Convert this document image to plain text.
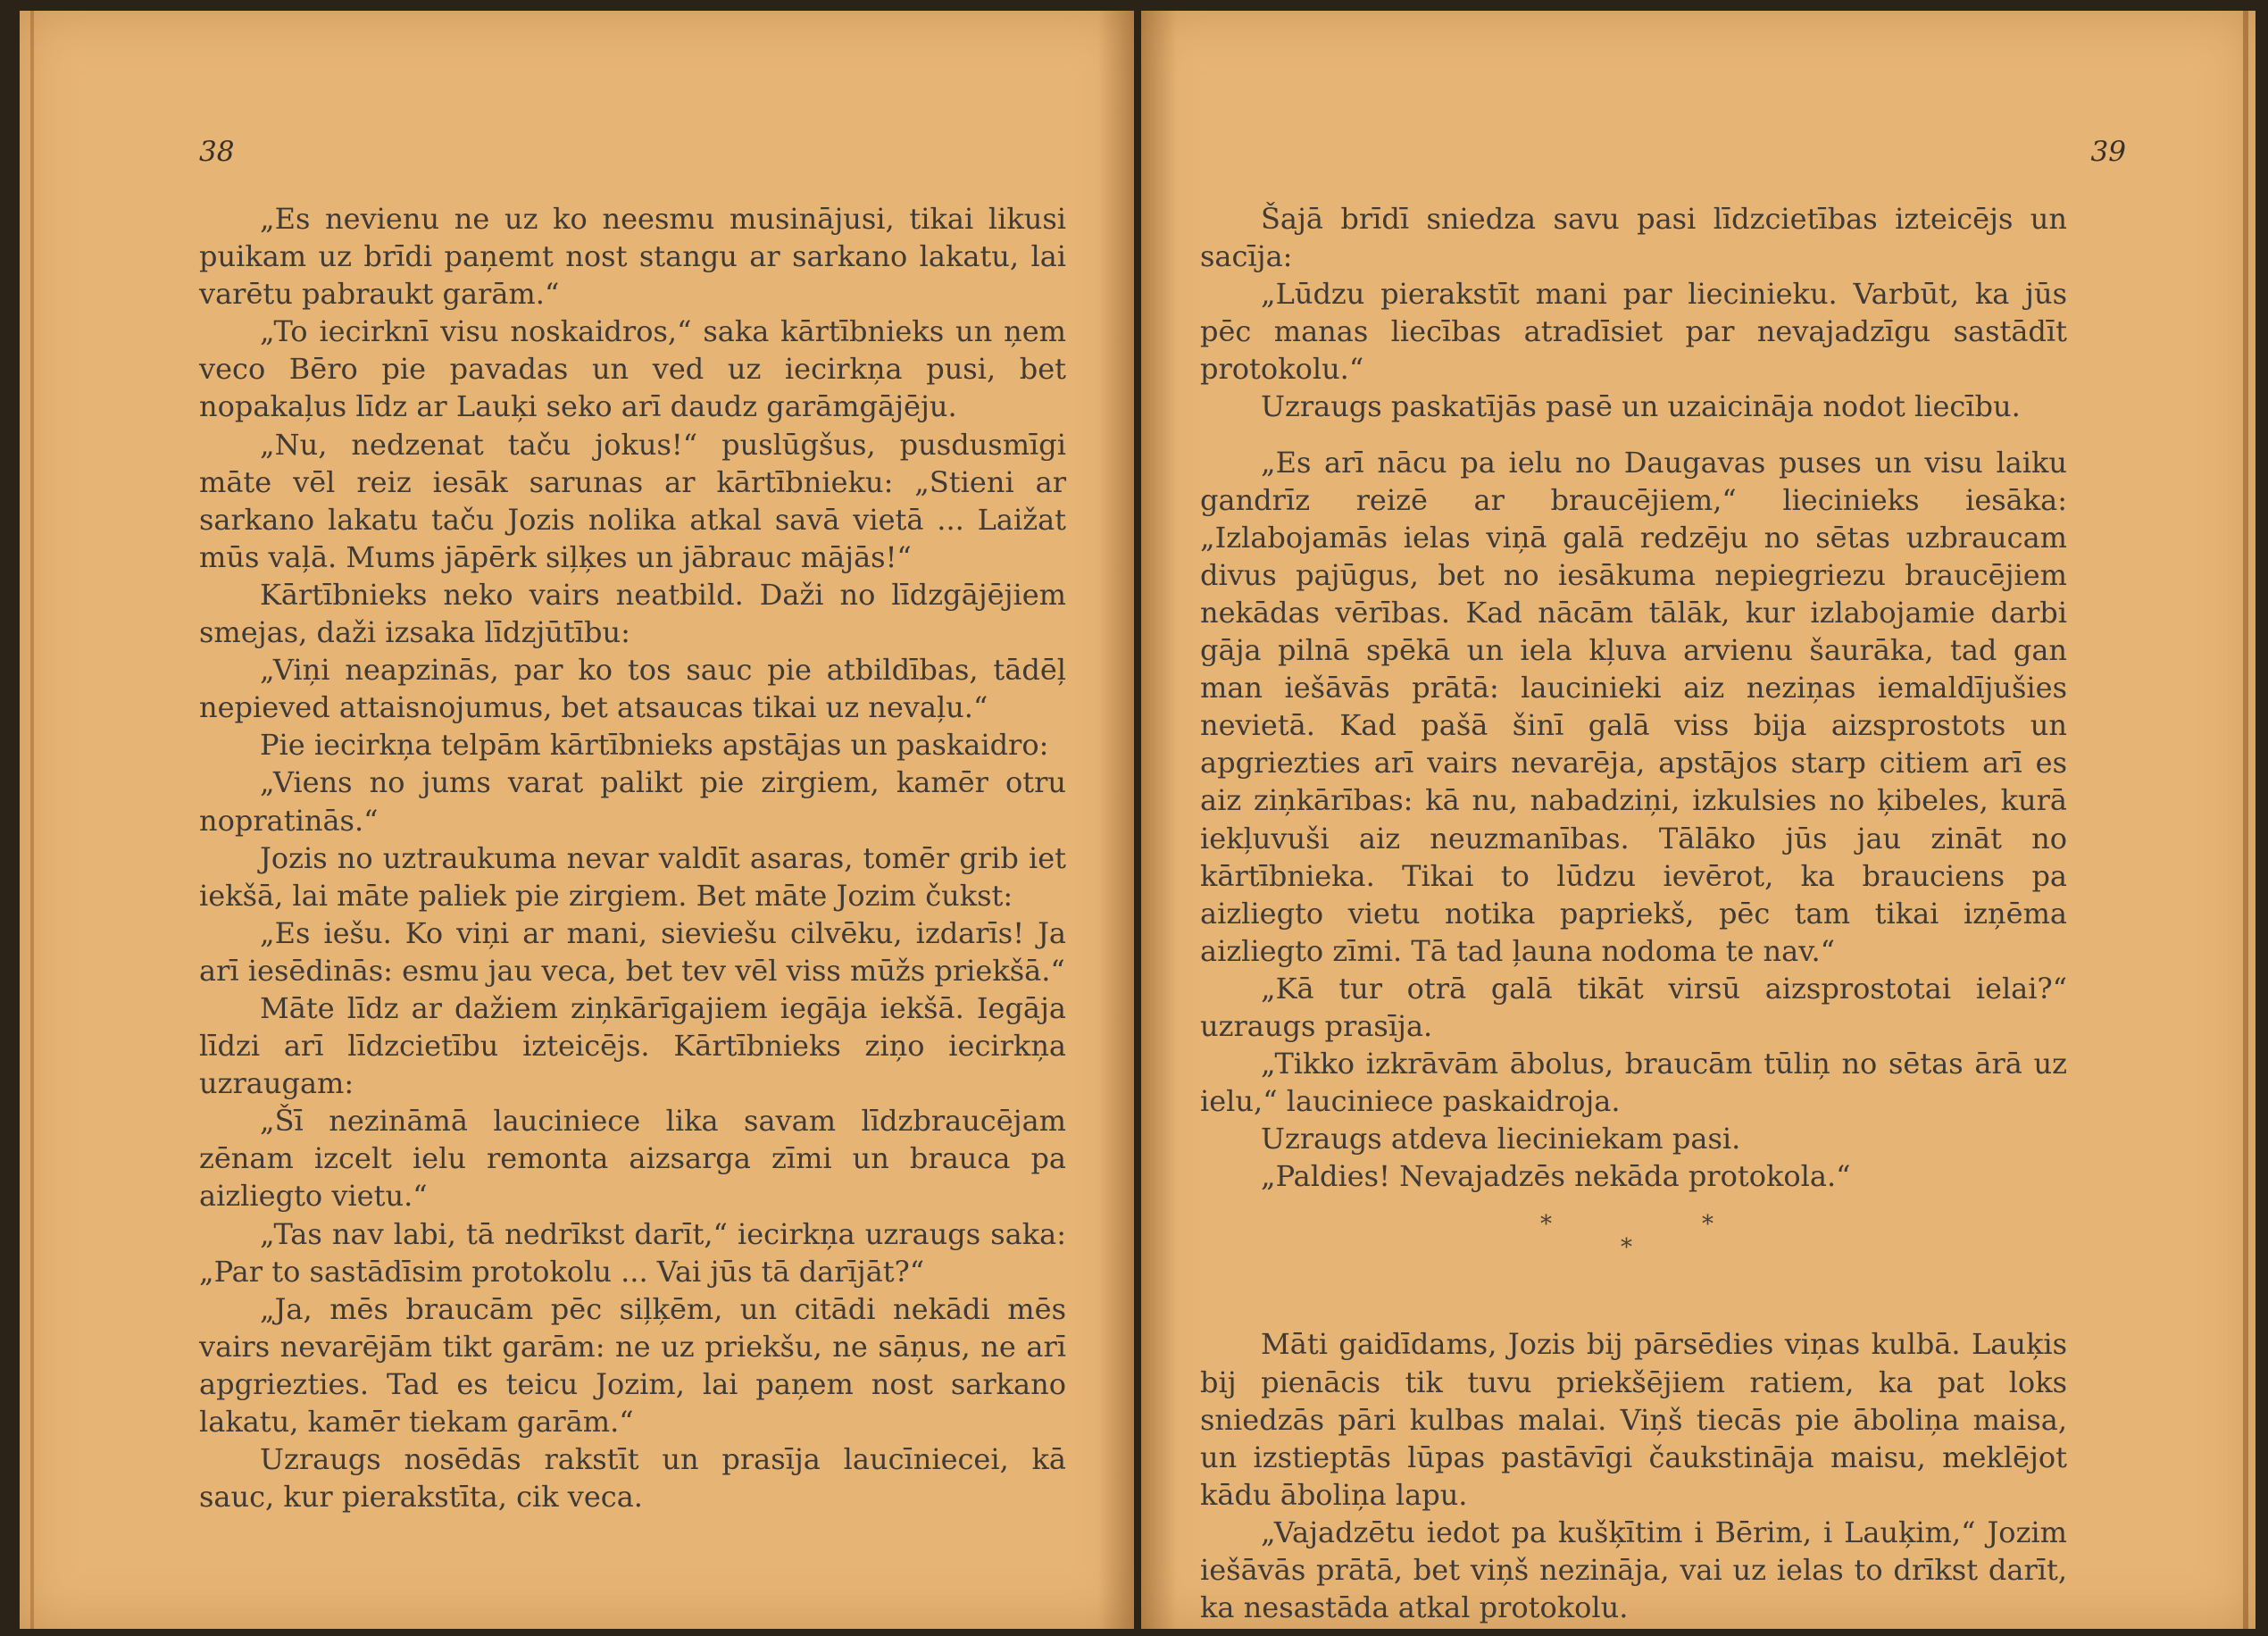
38

„Es nevienu ne uz ko neesmu musinājusi, tikai likusi puikam uz brīdi paņemt nost stangu ar sarkano lakatu, lai varētu pabraukt garām.“

„To iecirknī visu noskaidros,“ saka kārtībnieks un ņem veco Bēro pie pavadas un ved uz iecirkņa pusi, bet nopakaļus līdz ar Lauķi seko arī daudz garāmgājēju.

„Nu, nedzenat taču jokus!“ puslūgšus, pusdusmīgi māte vēl reiz iesāk sarunas ar kārtībnieku: „Stieni ar sarkano lakatu taču Jozis nolika atkal savā vietā ... Laižat mūs vaļā. Mums jāpērk siļķes un jābrauc mājās!“

Kārtībnieks neko vairs neatbild. Daži no līdzgājējiem smejas, daži izsaka līdzjūtību:

„Viņi neapzinās, par ko tos sauc pie atbildības, tādēļ nepieved attaisnojumus, bet atsaucas tikai uz nevaļu.“

Pie iecirkņa telpām kārtībnieks apstājas un paskaidro:

„Viens no jums varat palikt pie zirgiem, kamēr otru nopratinās.“

Jozis no uztraukuma nevar valdīt asaras, tomēr grib iet iekšā, lai māte paliek pie zirgiem. Bet māte Jozim čukst:

„Es iešu. Ko viņi ar mani, sieviešu cilvēku, izdarīs! Ja arī iesēdinās: esmu jau veca, bet tev vēl viss mūžs priekšā.“

Māte līdz ar dažiem ziņkārīgajiem iegāja iekšā. Iegāja līdzi arī līdzcietību izteicējs. Kārtībnieks ziņo iecirkņa uzraugam:

„Šī nezināmā lauciniece lika savam līdzbraucējam zēnam izcelt ielu remonta aizsarga zīmi un brauca pa aizliegto vietu.“

„Tas nav labi, tā nedrīkst darīt,“ iecirkņa uzraugs saka: „Par to sastādīsim protokolu ... Vai jūs tā darījāt?“

„Ja, mēs braucām pēc siļķēm, un citādi nekādi mēs vairs nevarējām tikt garām: ne uz priekšu, ne sāņus, ne arī apgriezties. Tad es teicu Jozim, lai paņem nost sarkano lakatu, kamēr tiekam garām.“

Uzraugs nosēdās rakstīt un prasīja laucīniecei, kā sauc, kur pierakstīta, cik veca.

39

Šajā brīdī sniedza savu pasi līdzcietības izteicējs un sacīja:

„Lūdzu pierakstīt mani par liecinieku. Varbūt, ka jūs pēc manas liecības atradīsiet par nevajadzīgu sastādīt protokolu.“

Uzraugs paskatījās pasē un uzaicināja nodot liecību.

„Es arī nācu pa ielu no Daugavas puses un visu laiku gandrīz reizē ar braucējiem,“ liecinieks iesāka: „Izlabojamās ielas viņā galā redzēju no sētas uzbraucam divus pajūgus, bet no iesākuma nepiegriezu braucējiem nekādas vērības. Kad nācām tālāk, kur izlabojamie darbi gāja pilnā spēkā un iela kļuva arvienu šaurāka, tad gan man iešāvās prātā: laucinieki aiz neziņas iemaldījušies nevietā. Kad pašā šinī galā viss bija aizsprostots un apgriezties arī vairs nevarēja, apstājos starp citiem arī es aiz ziņkārības: kā nu, nabadziņi, izkulsies no ķibeles, kurā iekļuvuši aiz neuzmanības. Tālāko jūs jau zināt no kārtībnieka. Tikai to lūdzu ievērot, ka brauciens pa aizliegto vietu notika papriekš, pēc tam tikai izņēma aizliegto zīmi. Tā tad ļauna nodoma te nav.“

„Kā tur otrā galā tikāt virsū aizsprostotai ielai?“ uzraugs prasīja.

„Tikko izkrāvām ābolus, braucām tūliņ no sētas ārā uz ielu,“ lauciniece paskaidroja.

Uzraugs atdeva lieciniekam pasi.

„Paldies! Nevajadzēs nekāda protokola.“

*
*
*

Māti gaidīdams, Jozis bij pārsēdies viņas kulbā. Lauķis bij pienācis tik tuvu priekšējiem ratiem, ka pat loks sniedzās pāri kulbas malai. Viņš tiecās pie āboliņa maisa, un izstieptās lūpas pastāvīgi čaukstināja maisu, meklējot kādu āboliņa lapu.

„Vajadzētu iedot pa kušķītim i Bērim, i Lauķim,“ Jozim iešāvās prātā, bet viņš nezināja, vai uz ielas to drīkst darīt, ka nesastāda atkal protokolu.
